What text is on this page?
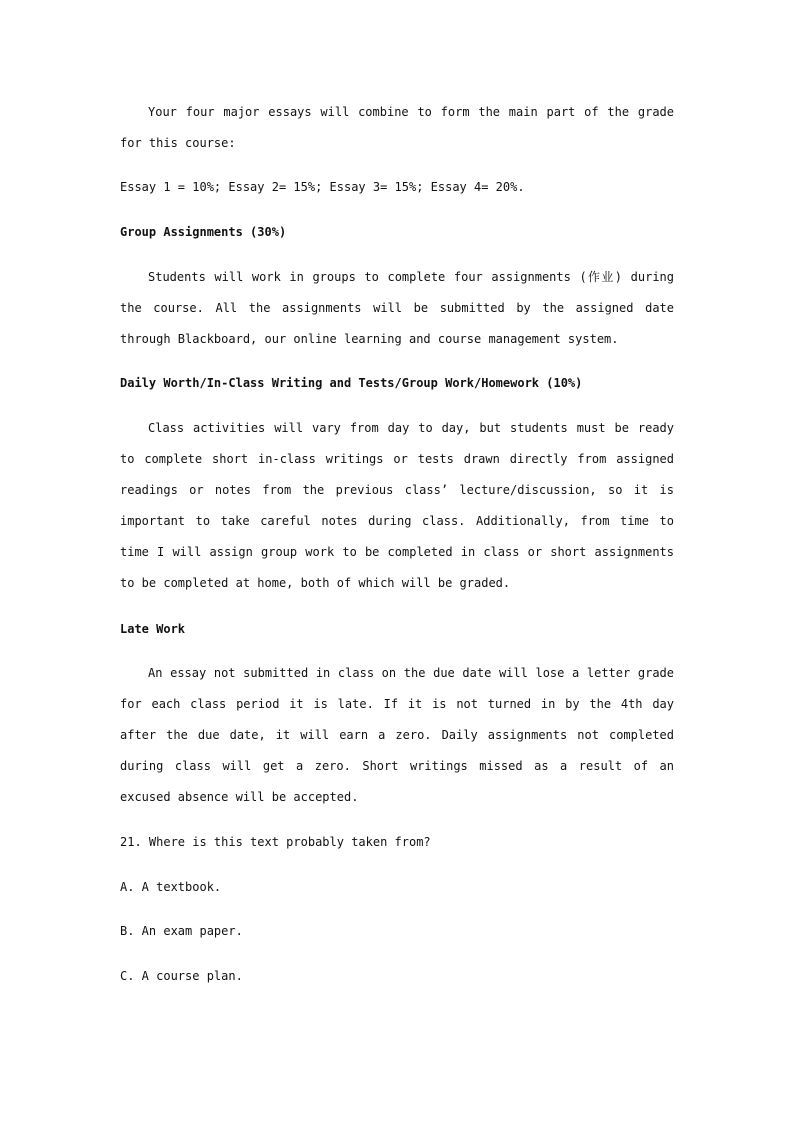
Your four major essays will combine to form the main part of the grade for this course:

Essay 1 = 10%; Essay 2= 15%; Essay 3= 15%; Essay 4= 20%.

Group Assignments (30%)

Students will work in groups to complete four assignments (作业) during the course. All the assignments will be submitted by the assigned date through Blackboard, our online learning and course management system.

Daily Worth/In-Class Writing and Tests/Group Work/Homework (10%)

Class activities will vary from day to day, but students must be ready to complete short in-class writings or tests drawn directly from assigned readings or notes from the previous class’ lecture/discussion, so it is important to take careful notes during class. Additionally, from time to time I will assign group work to be completed in class or short assignments to be completed at home, both of which will be graded.

Late Work

An essay not submitted in class on the due date will lose a letter grade for each class period it is late. If it is not turned in by the 4th day after the due date, it will earn a zero. Daily assignments not completed during class will get a zero. Short writings missed as a result of an excused absence will be accepted.

21. Where is this text probably taken from?

A. A textbook.

B. An exam paper.

C. A course plan.
